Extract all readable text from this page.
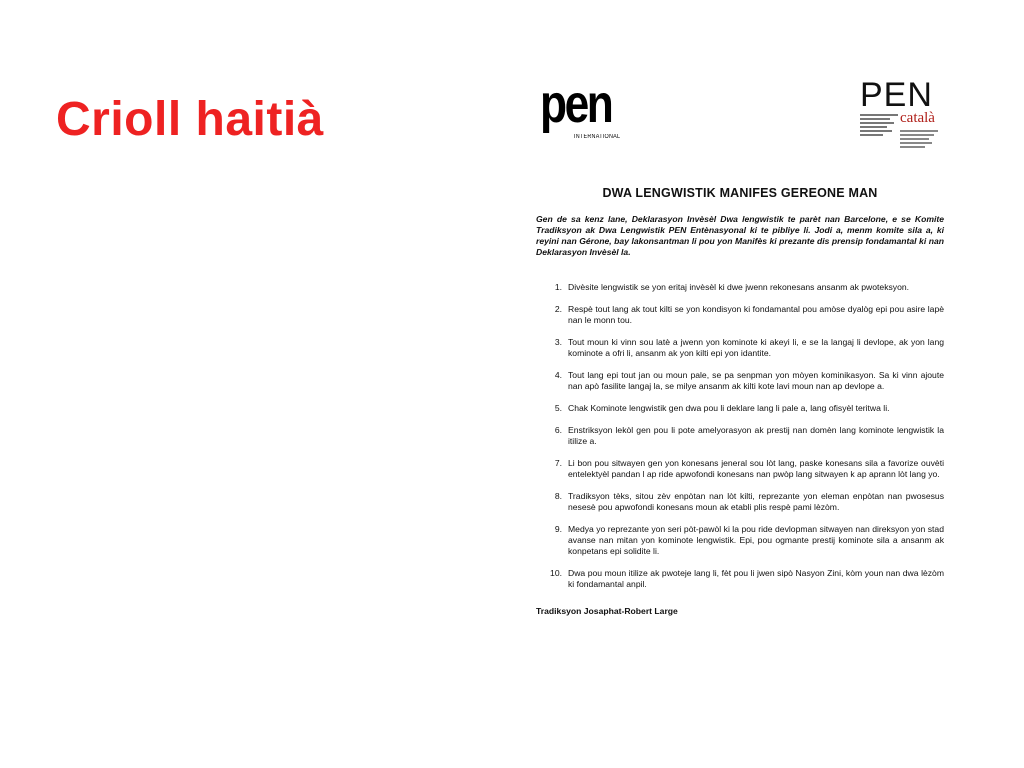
Crioll haitià	pen
INTERNATIONAL
PEN
català
DWA LENGWISTIK MANIFES GEREONE MAN

Gen de sa kenz lane, Deklarasyon Invèsèl Dwa lengwistik te parèt nan Barcelone, e se Komite Tradiksyon ak Dwa Lengwistik PEN Entènasyonal ki te pibliye li. Jodi a, menm komite sila a, ki reyini nan Gérone, bay lakonsantman li pou yon Manifès ki prezante dis prensip fondamantal ki nan Deklarasyon Invèsèl la.

1. Divèsite lengwistik se yon eritaj invèsèl ki dwe jwenn rekonesans ansanm ak pwoteksyon.
2. Respè tout lang ak tout kilti se yon kondisyon ki fondamantal pou amòse dyalòg epi pou asire lapè nan le monn tou.
3. Tout moun ki vinn sou latè a jwenn yon kominote ki akeyi li, e se la langaj li devlope, ak yon lang kominote a ofri li, ansanm ak yon kilti epi yon idantite.
4. Tout lang epi tout jan ou moun pale, se pa senpman yon mòyen kominikasyon. Sa ki vinn ajoute nan apò fasilite langaj la, se milye ansanm ak kilti kote lavi moun nan ap devlope a.
5. Chak Kominote lengwistik gen dwa pou li deklare lang li pale a, lang ofisyèl teritwa li.
6. Enstriksyon lekòl gen pou li pote amelyorasyon ak prestij nan domèn lang kominote lengwistik la itilize a.
7. Li bon pou sitwayen gen yon konesans jeneral sou lòt lang, paske konesans sila a favorize ouvèti entelektyèl pandan l ap ride apwofondi konesans nan pwòp lang sitwayen k ap aprann lòt lang yo.
8. Tradiksyon tèks, sitou zèv enpòtan nan lòt kilti, reprezante yon eleman enpòtan nan pwosesus nesesè pou apwofondi konesans moun ak etabli plis respè pami lèzòm.
9. Medya yo reprezante yon seri pòt-pawòl ki la pou ride devlopman sitwayen nan direksyon yon stad avanse nan mitan yon kominote lengwistik. Epi, pou ogmante prestij kominote sila a ansanm ak konpetans epi solidite li.
10. Dwa pou moun itilize ak pwoteje lang li, fèt pou li jwen sipò Nasyon Zini, kòm youn nan dwa lèzòm ki fondamantal anpil.
Tradiksyon Josaphat-Robert Large
